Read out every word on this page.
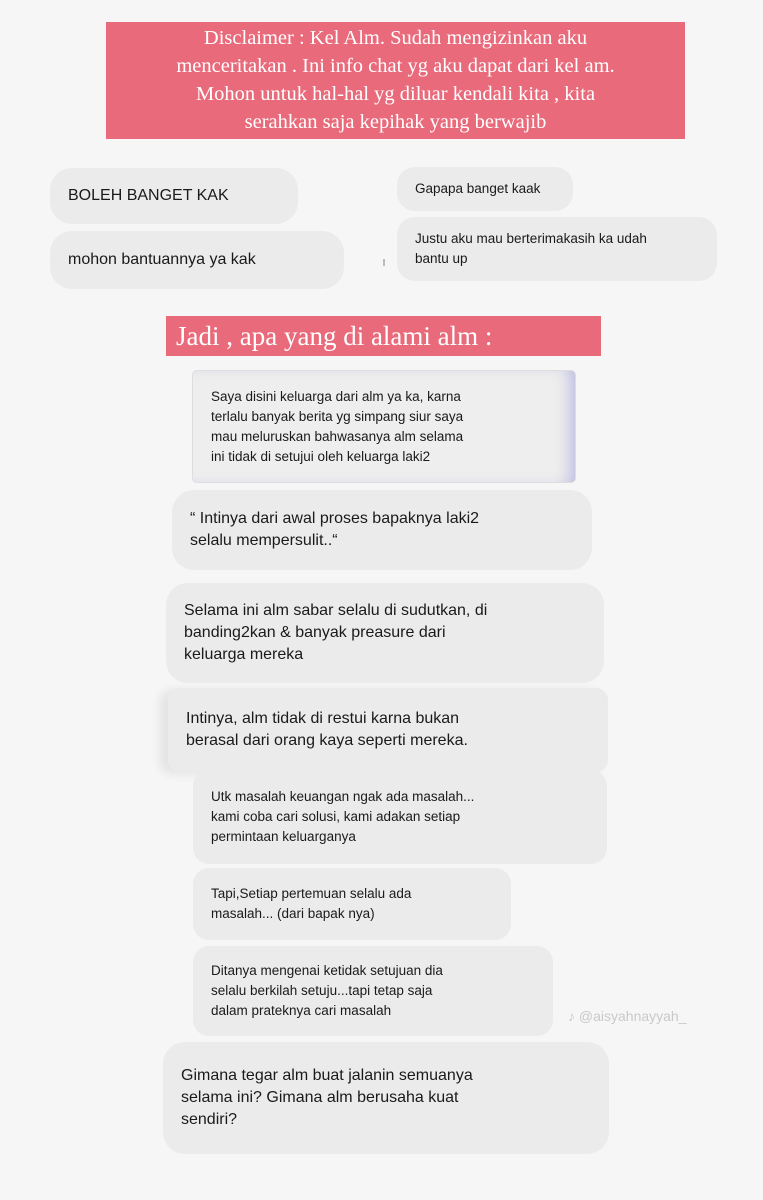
Disclaimer : Kel Alm. Sudah mengizinkan aku
menceritakan . Ini info chat yg aku dapat dari kel am.
Mohon untuk hal-hal yg diluar kendali kita , kita
serahkan saja kepihak yang berwajib
BOLEH BANGET KAK
mohon bantuannya ya kak
Gapapa banget kaak
Justu aku mau berterimakasih ka udah
bantu up
Jadi , apa yang di alami alm :
Saya disini keluarga dari alm ya ka, karna
terlalu banyak berita yg simpang siur saya
mau meluruskan bahwasanya alm selama
ini tidak di setujui oleh keluarga laki2
“ Intinya dari awal proses bapaknya laki2
selalu mempersulit..“
Selama ini alm sabar selalu di sudutkan, di
banding2kan & banyak preasure dari
keluarga mereka
Intinya, alm tidak di restui karna bukan
berasal dari orang kaya seperti mereka.
Utk masalah keuangan ngak ada masalah...
kami coba cari solusi, kami adakan setiap
permintaan keluarganya
Tapi,Setiap pertemuan selalu ada
masalah... (dari bapak nya)
Ditanya mengenai ketidak setujuan dia
selalu berkilah setuju...tapi tetap saja
dalam prateknya cari masalah
Gimana tegar alm buat jalanin semuanya
selama ini? Gimana alm berusaha kuat
sendiri?
♪ @aisyahnayyah_
